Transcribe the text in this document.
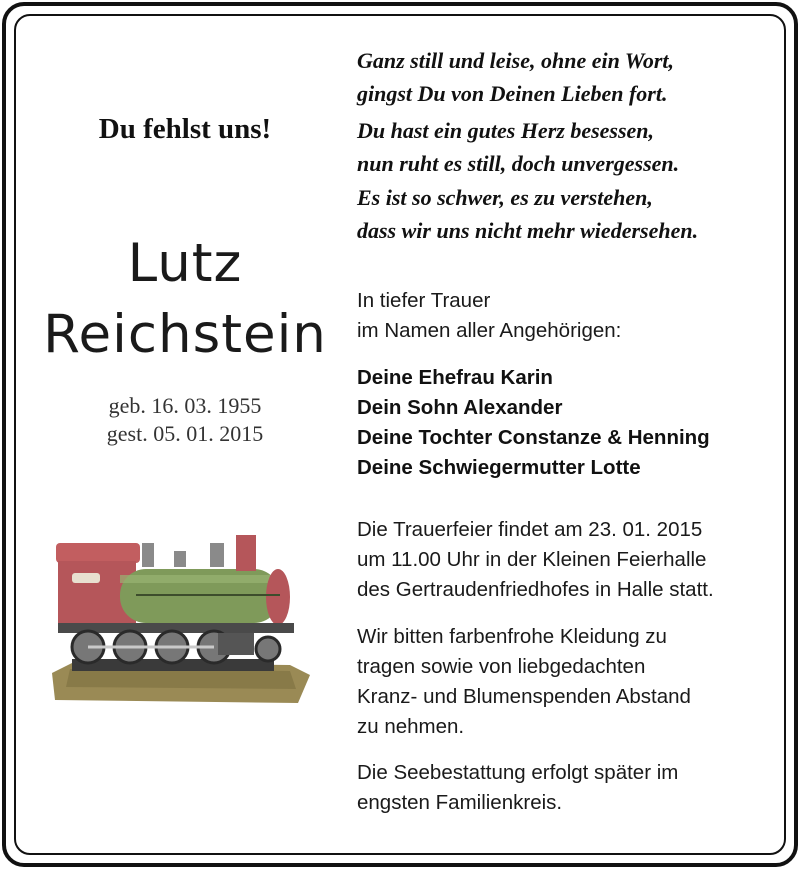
Du fehlst uns!
Lutz
Reichstein
geb. 16. 03. 1955
gest. 05. 01. 2015
Ganz still und leise, ohne ein Wort,
gingst Du von Deinen Lieben fort.
Du hast ein gutes Herz besessen,
nun ruht es still, doch unvergessen.
Es ist so schwer, es zu verstehen,
dass wir uns nicht mehr wiedersehen.
In tiefer Trauer
im Namen aller Angehörigen:
Deine Ehefrau Karin
Dein Sohn Alexander
Deine Tochter Constanze & Henning
Deine Schwiegermutter Lotte
Die Trauerfeier findet am 23. 01. 2015
um 11.00 Uhr in der Kleinen Feierhalle
des Gertraudenfriedhofes in Halle statt.
Wir bitten farbenfrohe Kleidung zu
tragen sowie von liebgedachten
Kranz- und Blumenspenden Abstand
zu nehmen.
Die Seebestattung erfolgt später im
engsten Familienkreis.
